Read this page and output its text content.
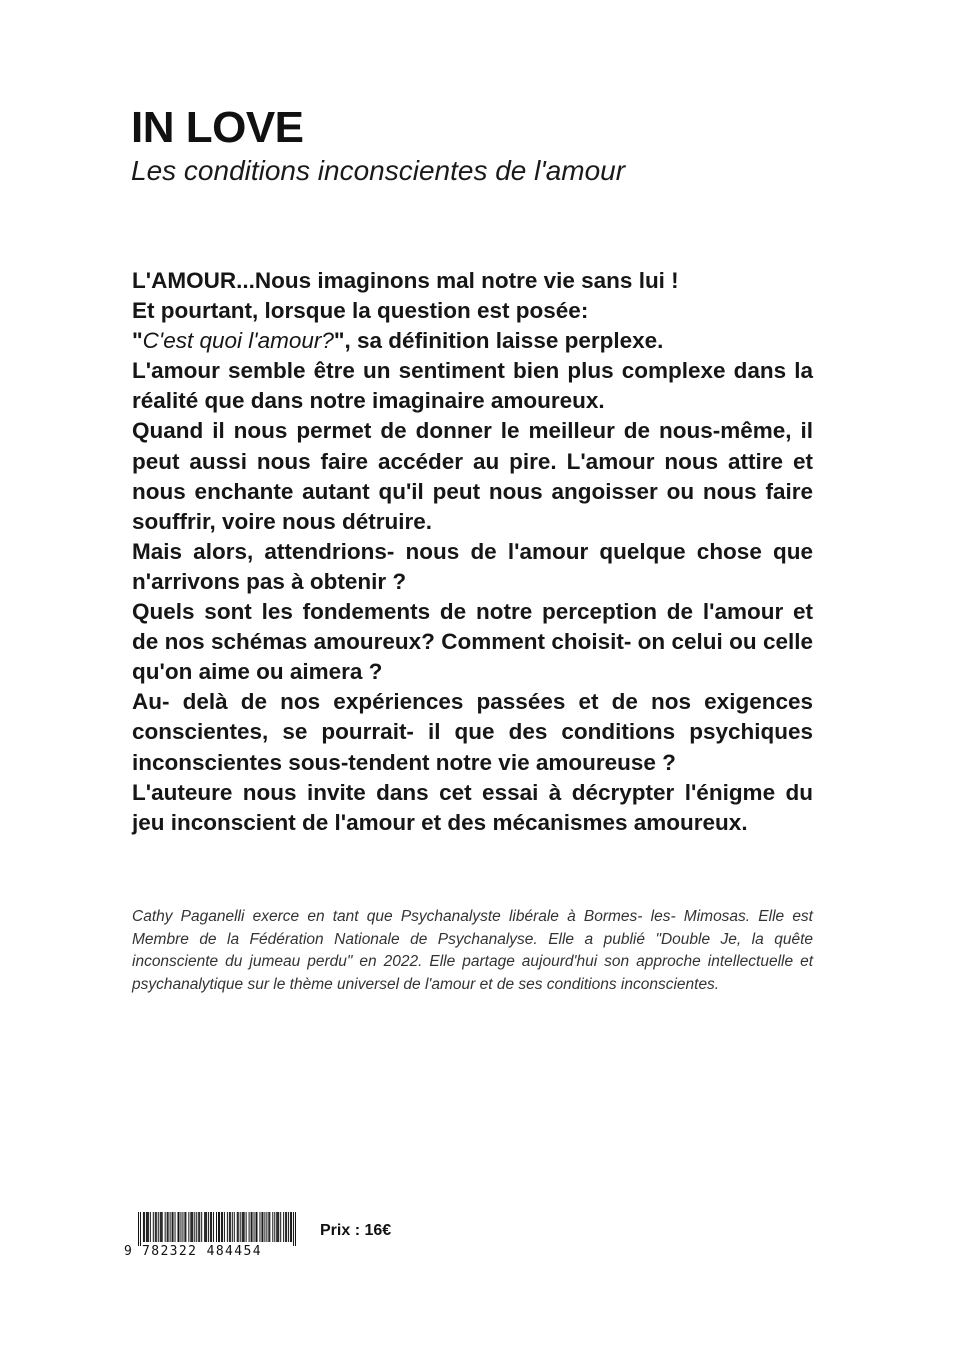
IN LOVE
Les conditions inconscientes de l'amour

L'AMOUR...Nous imaginons mal notre vie sans lui !

Et pourtant, lorsque la question est posée:

"C'est quoi l'amour?", sa définition laisse perplexe.

L'amour semble être un sentiment bien plus complexe dans la réalité que dans notre imaginaire amoureux.

Quand il nous permet de donner le meilleur de nous-même, il peut aussi nous faire accéder au pire. L'amour nous attire et nous enchante autant qu'il peut nous angoisser ou nous faire souffrir, voire nous détruire.

Mais alors, attendrions- nous de l'amour quelque chose que n'arrivons pas à obtenir ?

Quels sont les fondements de notre perception de l'amour et de nos schémas amoureux? Comment choisit- on celui ou celle qu'on aime ou aimera ?

Au- delà de nos expériences passées et de nos exigences conscientes, se pourrait- il que des conditions psychiques inconscientes sous-tendent notre vie amoureuse ?

L'auteure nous invite dans cet essai à décrypter l'énigme du jeu inconscient de l'amour et des mécanismes amoureux.

Cathy Paganelli exerce en tant que Psychanalyste libérale à Bormes- les- Mimosas. Elle est Membre de la Fédération Nationale de Psychanalyse. Elle a publié "Double Je, la quête inconsciente du jumeau perdu" en 2022. Elle partage aujourd'hui son approche intellectuelle et psychanalytique sur le thème universel de l'amour et de ses conditions inconscientes.
9 782322 484454
Prix : 16€
